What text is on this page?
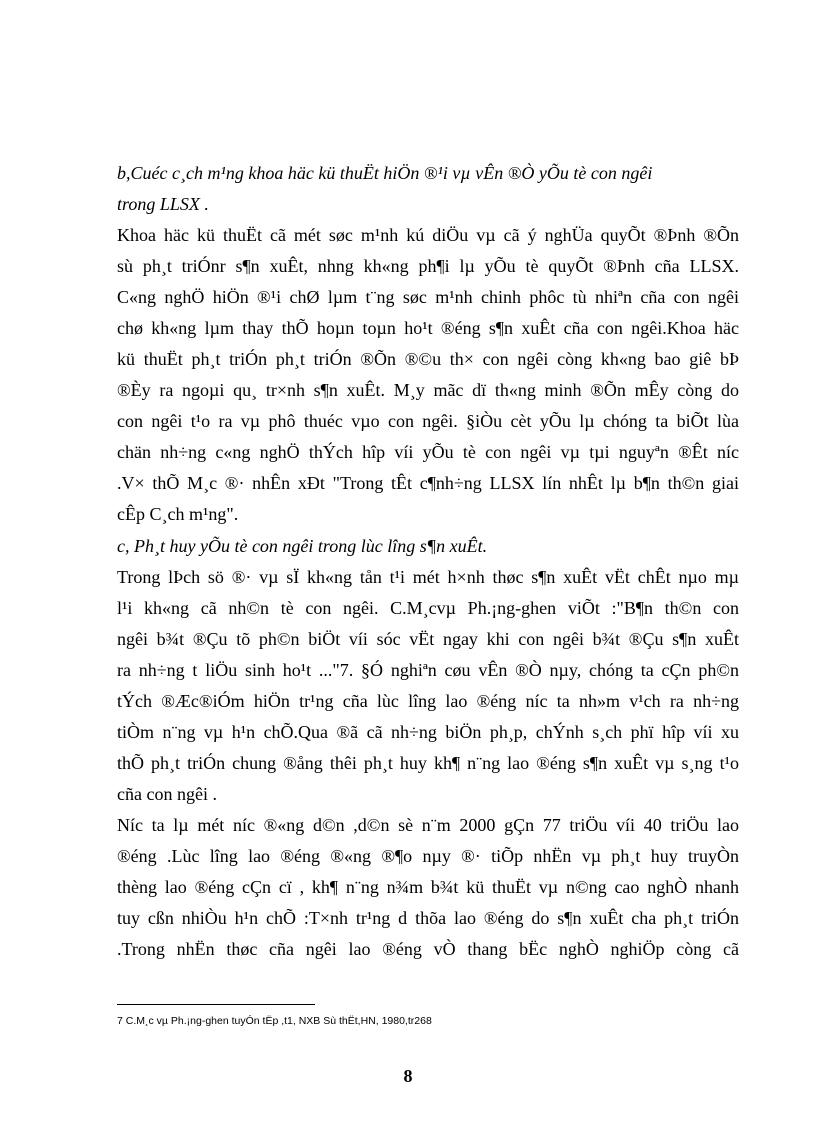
b,Cuéc c¸ch m¹ng khoa häc kü thuËt hiÖn ®¹i vµ vÊn ®Ò yÕu tè con ngêi
trong LLSX .
Khoa häc kü thuËt cã mét søc m¹nh kú diÖu vµ cã ý nghÜa quyÕt ®Þnh ®Õn
sù ph¸t triÓnr s¶n xuÊt, nhng kh«ng ph¶i lµ yÕu tè quyÕt ®Þnh cña LLSX.
C«ng nghÖ hiÖn ®¹i chØ lµm t¨ng søc m¹nh chinh phôc tù nhiªn cña con ngêi
chø kh«ng lµm thay thÕ hoµn toµn ho¹t ®éng s¶n xuÊt cña con ngêi.Khoa häc
kü thuËt ph¸t triÓn ph¸t triÓn ®Õn ®©u th× con ngêi còng kh«ng bao giê bÞ
®Èy ra ngoµi qu¸ tr×nh s¶n xuÊt. M¸y mãc dï th«ng minh ®Õn mÊy còng do
con ngêi t¹o ra vµ phô thuéc vµo con ngêi. §iÒu cèt yÕu lµ chóng ta biÕt lùa
chän nh÷ng c«ng nghÖ thÝch hîp víi yÕu tè con ngêi vµ tµi nguyªn ®Êt níc
.V× thÕ M¸c ®· nhÊn xÐt "Trong tÊt c¶nh÷ng LLSX lín nhÊt lµ b¶n th©n giai
cÊp C¸ch m¹ng".
c, Ph¸t huy yÕu tè con ngêi trong lùc lîng s¶n xuÊt.
Trong lÞch sö ®· vµ sÏ kh«ng tån t¹i mét h×nh thøc s¶n xuÊt vËt chÊt nµo mµ
l¹i kh«ng cã nh©n tè con ngêi. C.M¸cvµ Ph.¡ng-ghen viÕt :"B¶n th©n con
ngêi b¾t ®Çu tõ ph©n biÖt víi sóc vËt ngay khi con ngêi b¾t ®Çu s¶n xuÊt
ra nh÷ng t liÖu sinh ho¹t ..."7. §Ó nghiªn cøu vÊn ®Ò nµy, chóng ta cÇn ph©n
tÝch ®Æc®iÓm hiÖn tr¹ng cña lùc lîng lao ®éng níc ta nh»m v¹ch ra nh÷ng
tiÒm n¨ng vµ h¹n chÕ.Qua ®ã cã nh÷ng biÖn ph¸p, chÝnh s¸ch phï hîp víi xu
thÕ ph¸t triÓn chung ®ång thêi ph¸t huy kh¶ n¨ng lao ®éng s¶n xuÊt vµ s¸ng t¹o
cña con ngêi .
Níc ta lµ mét níc ®«ng d©n ,d©n sè n¨m 2000 gÇn 77 triÖu víi 40 triÖu lao
®éng .Lùc lîng lao ®éng ®«ng ®¶o nµy ®· tiÕp nhËn vµ ph¸t huy truyÒn
thèng lao ®éng cÇn cï , kh¶ n¨ng n¾m b¾t kü thuËt vµ n©ng cao nghÒ nhanh
tuy cßn nhiÒu h¹n chÕ :T×nh tr¹ng d thõa lao ®éng do s¶n xuÊt cha ph¸t triÓn
.Trong nhËn thøc cña ngêi lao ®éng vÒ thang bËc nghÒ nghiÖp còng cã
7 C.M¸c vµ Ph.¡ng-ghen tuyÓn tËp ,t1, NXB Sù thËt,HN, 1980,tr268
8
